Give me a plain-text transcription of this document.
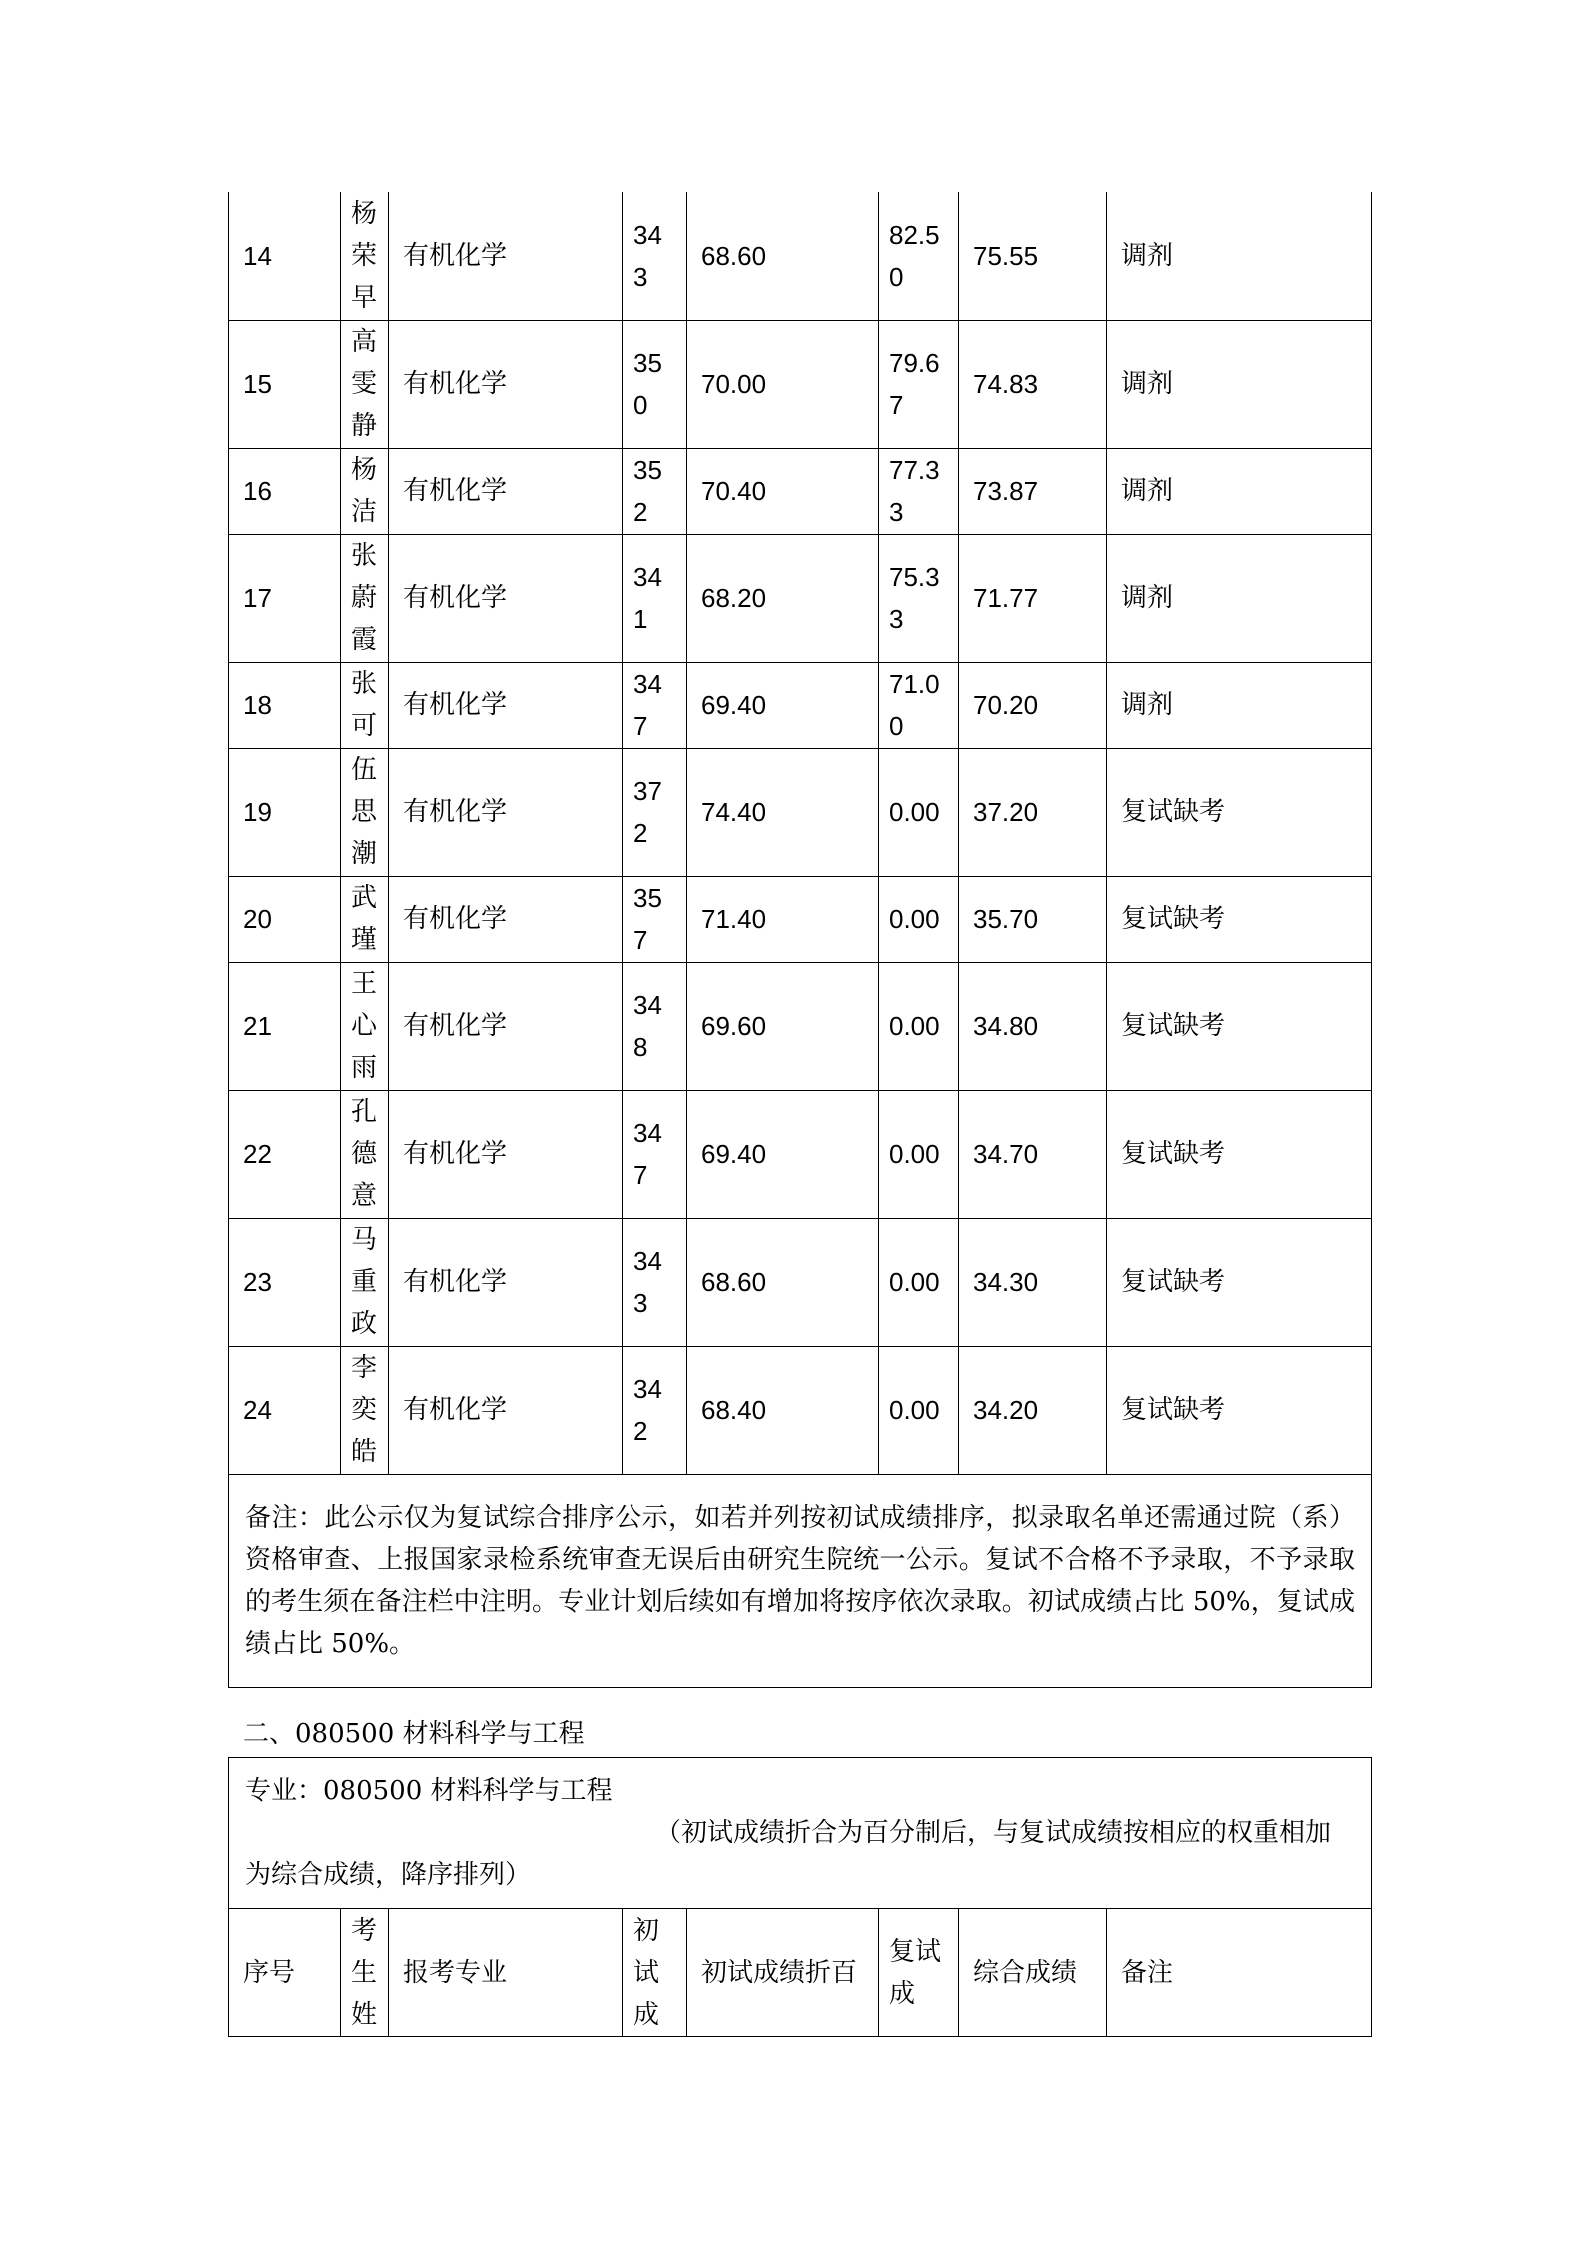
14	杨荣早	有机化学	343	68.60	82.50	75.55	调剂
15	高雯静	有机化学	350	70.00	79.67	74.83	调剂
16	杨洁	有机化学	352	70.40	77.33	73.87	调剂
17	张蔚霞	有机化学	341	68.20	75.33	71.77	调剂
18	张可	有机化学	347	69.40	71.00	70.20	调剂
19	伍思潮	有机化学	372	74.40	0.00	37.20	复试缺考
20	武瑾	有机化学	357	71.40	0.00	35.70	复试缺考
21	王心雨	有机化学	348	69.60	0.00	34.80	复试缺考
22	孔德意	有机化学	347	69.40	0.00	34.70	复试缺考
23	马重政	有机化学	343	68.60	0.00	34.30	复试缺考
24	李奕皓	有机化学	342	68.40	0.00	34.20	复试缺考
备注：此公示仅为复试综合排序公示，如若并列按初试成绩排序，拟录取名单还需通过院（系）资格审查、上报国家录检系统审查无误后由研究生院统一公示。复试不合格不予录取，不予录取的考生须在备注栏中注明。专业计划后续如有增加将按序依次录取。初试成绩占比 50%，复试成绩占比 50%。							
二、080500 材料科学与工程
专业：080500 材料科学与工程
（初试成绩折合为百分制后，与复试成绩按相应的权重相加为综合成绩，降序排列）

序号	考生姓	报考专业	初试成	初试成绩折百	复试成	综合成绩	备注
